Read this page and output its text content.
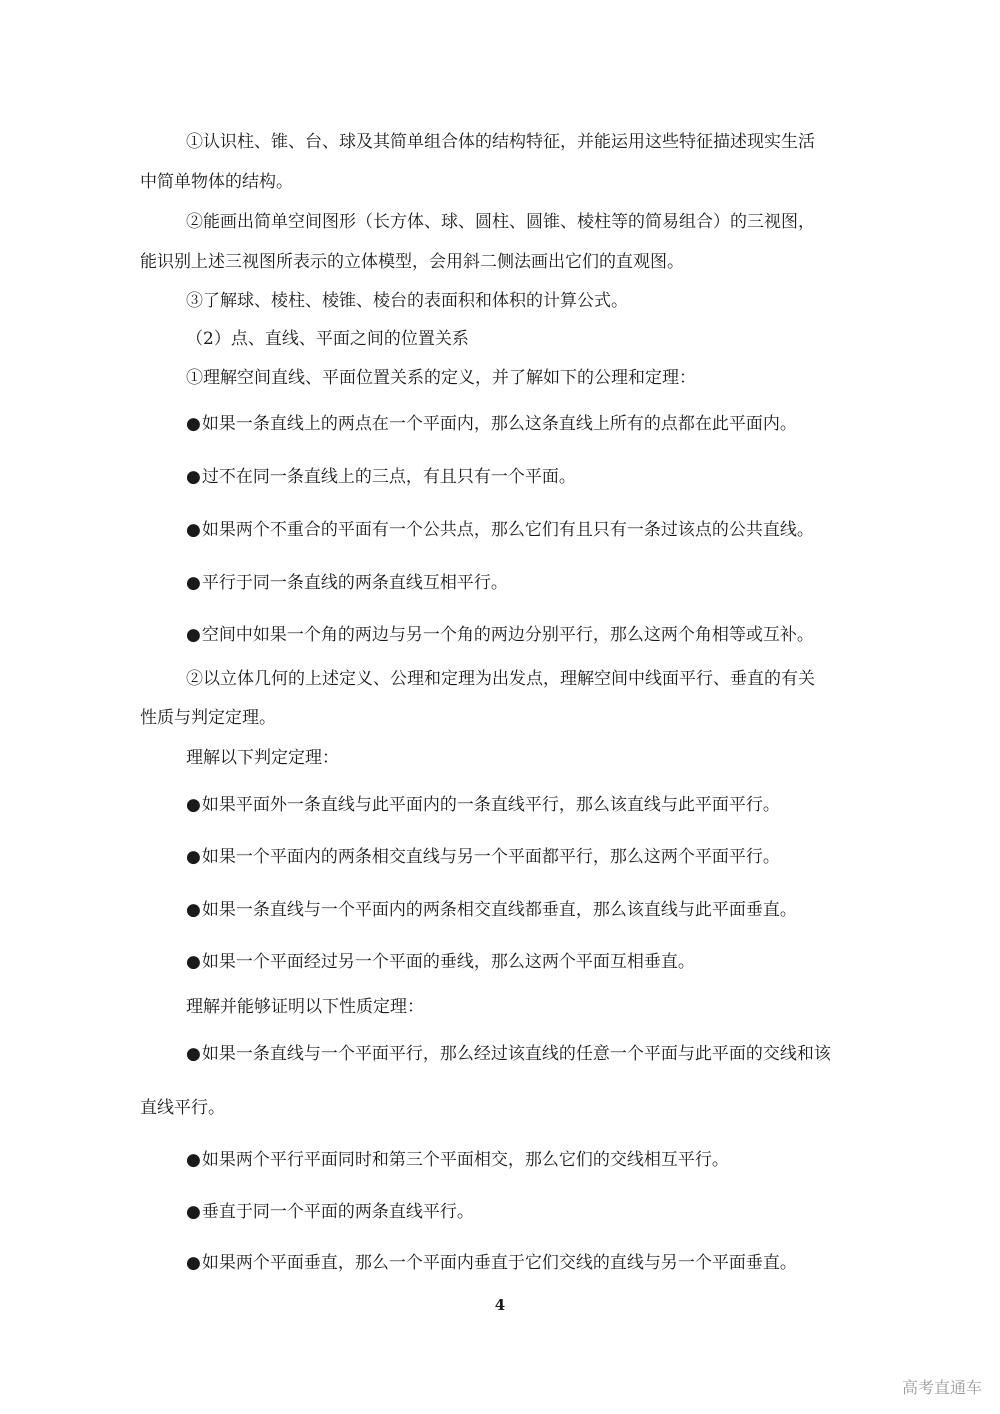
①认识柱、锥、台、球及其简单组合体的结构特征，并能运用这些特征描述现实生活
中简单物体的结构。
②能画出简单空间图形（长方体、球、圆柱、圆锥、棱柱等的简易组合）的三视图，
能识别上述三视图所表示的立体模型，会用斜二侧法画出它们的直观图。
③了解球、棱柱、棱锥、棱台的表面积和体积的计算公式。
（2）点、直线、平面之间的位置关系
①理解空间直线、平面位置关系的定义，并了解如下的公理和定理：
●如果一条直线上的两点在一个平面内，那么这条直线上所有的点都在此平面内。
●过不在同一条直线上的三点，有且只有一个平面。
●如果两个不重合的平面有一个公共点，那么它们有且只有一条过该点的公共直线。
●平行于同一条直线的两条直线互相平行。
●空间中如果一个角的两边与另一个角的两边分别平行，那么这两个角相等或互补。
②以立体几何的上述定义、公理和定理为出发点，理解空间中线面平行、垂直的有关
性质与判定定理。
理解以下判定定理：
●如果平面外一条直线与此平面内的一条直线平行，那么该直线与此平面平行。
●如果一个平面内的两条相交直线与另一个平面都平行，那么这两个平面平行。
●如果一条直线与一个平面内的两条相交直线都垂直，那么该直线与此平面垂直。
●如果一个平面经过另一个平面的垂线，那么这两个平面互相垂直。
理解并能够证明以下性质定理：
●如果一条直线与一个平面平行，那么经过该直线的任意一个平面与此平面的交线和该
直线平行。
●如果两个平行平面同时和第三个平面相交，那么它们的交线相互平行。
●垂直于同一个平面的两条直线平行。
●如果两个平面垂直，那么一个平面内垂直于它们交线的直线与另一个平面垂直。
4
高考直通车
